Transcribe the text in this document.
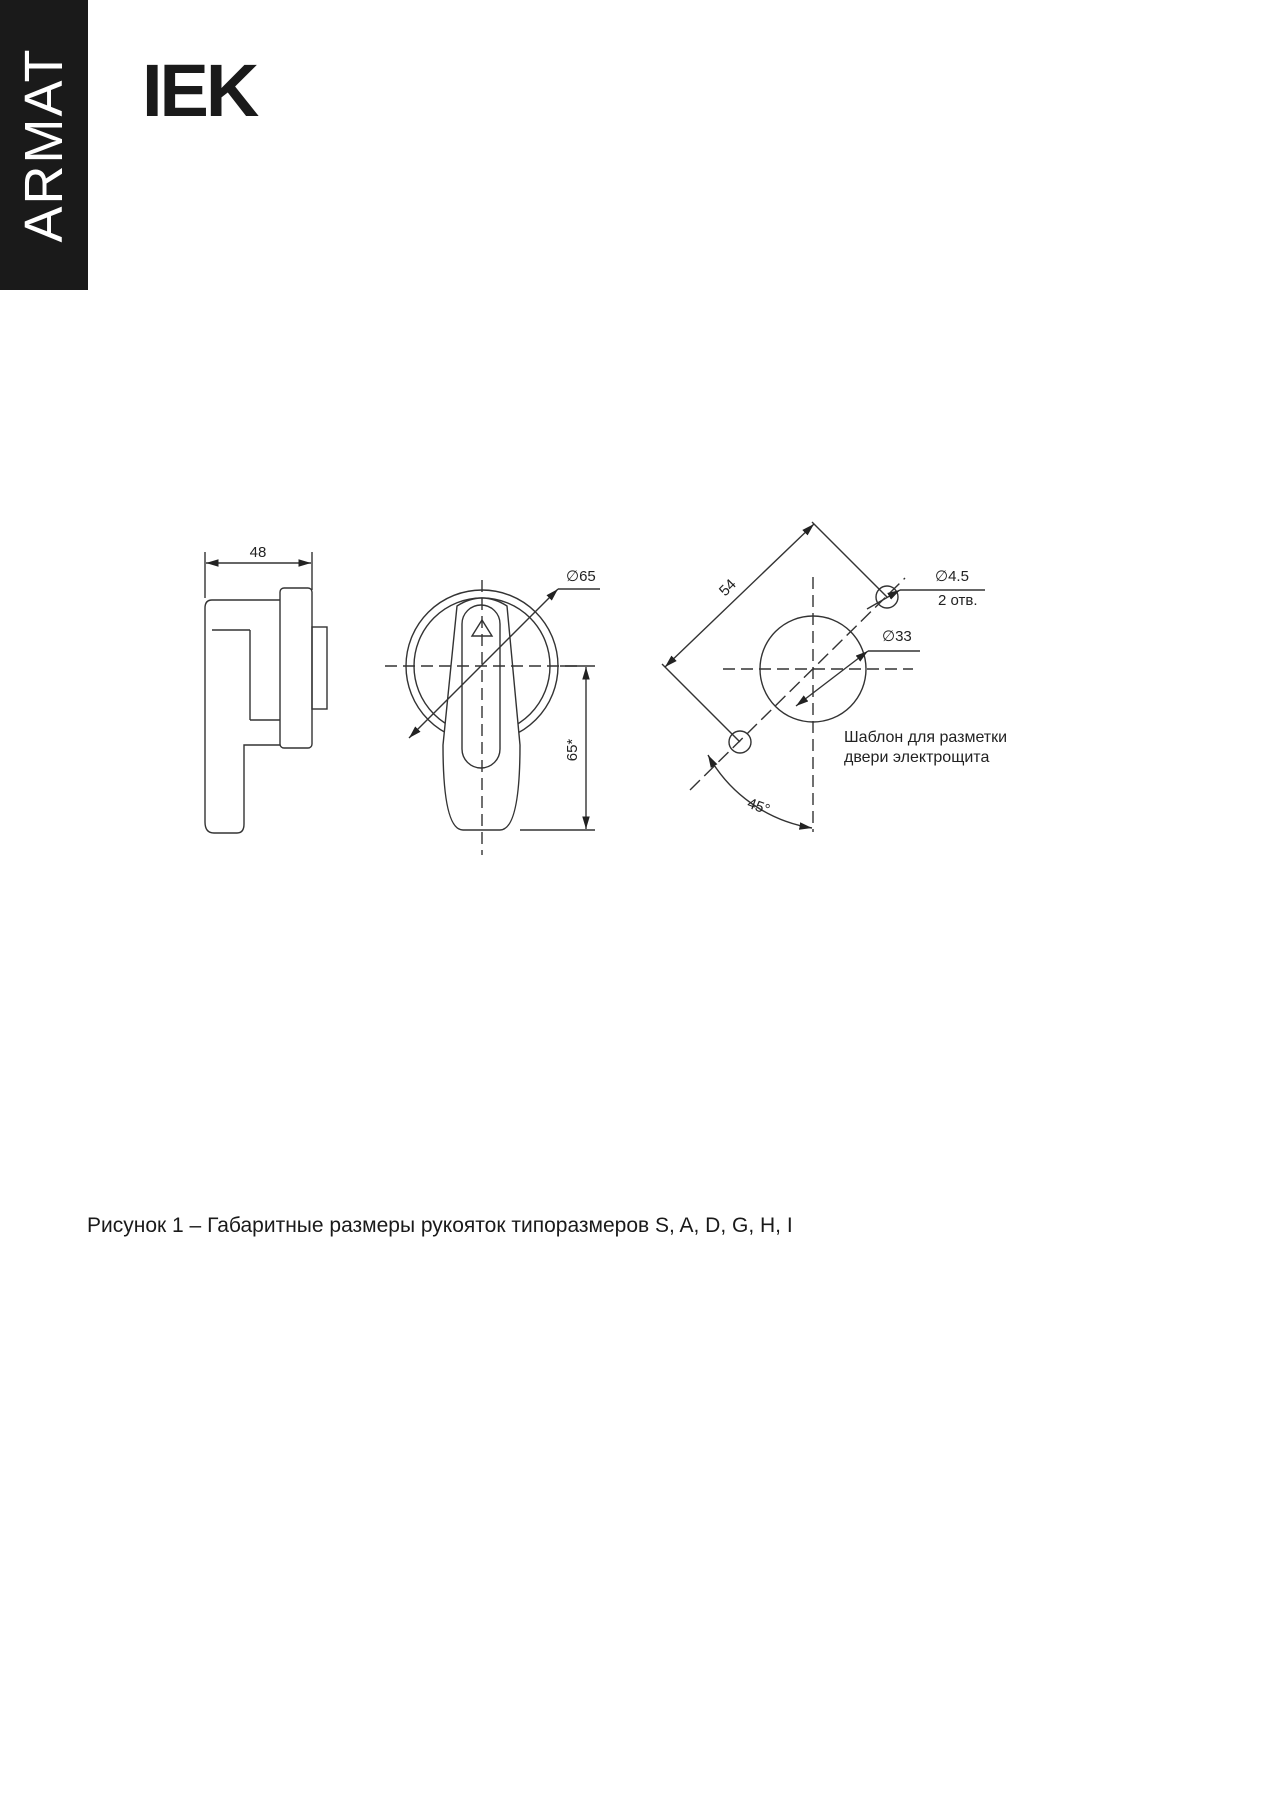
ARMAT IEK
48
∅65
65*
54	∅4.5
2 отв.
∅33
45°
Шаблон для разметки
двери электрощита
Рисунок 1 – Габаритные размеры рукояток типоразмеров S, A, D, G, H, I
